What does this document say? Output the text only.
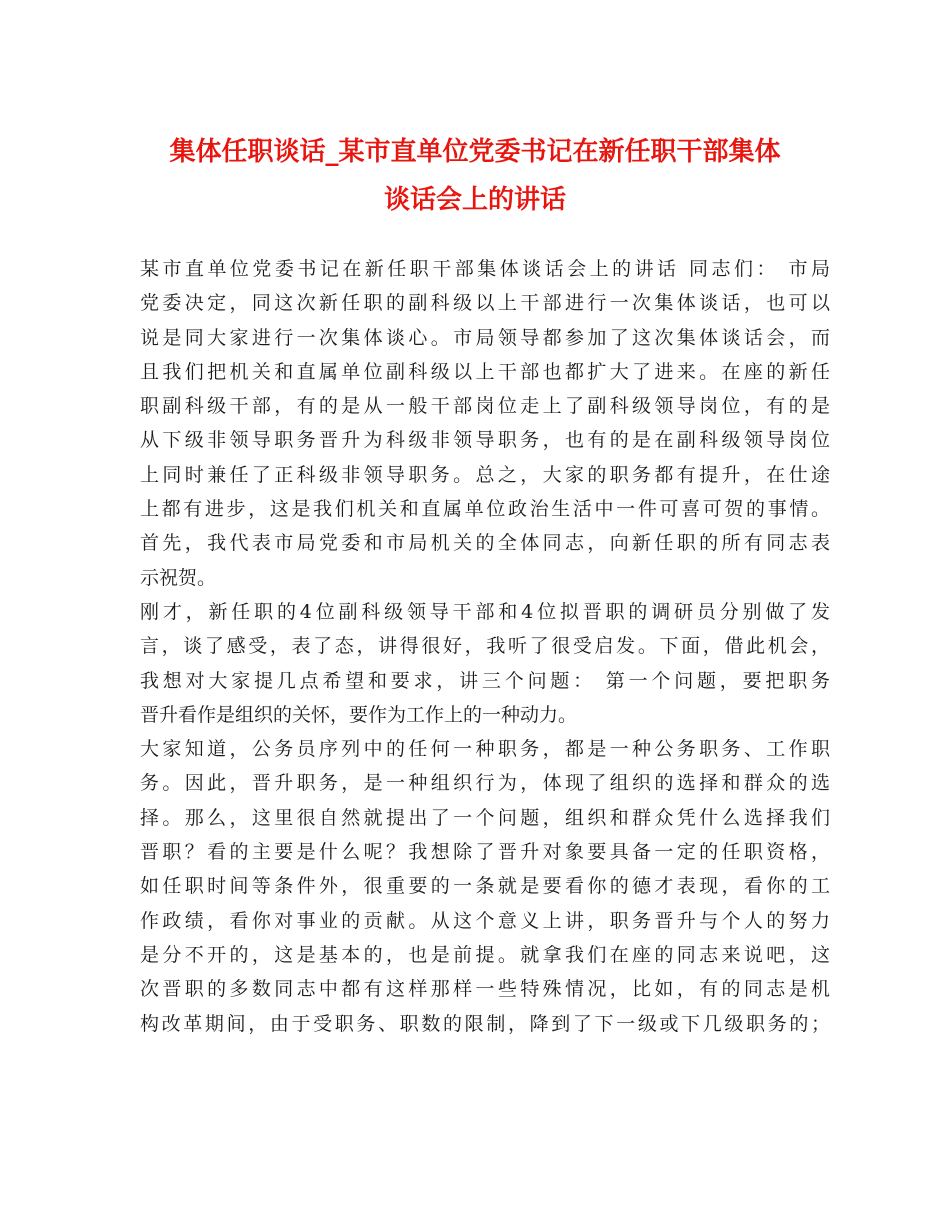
集体任职谈话_某市直单位党委书记在新任职干部集体
谈话会上的讲话
某市直单位党委书记在新任职干部集体谈话会上的讲话 同志们： 市局
党委决定，同这次新任职的副科级以上干部进行一次集体谈话，也可以
说是同大家进行一次集体谈心。市局领导都参加了这次集体谈话会，而
且我们把机关和直属单位副科级以上干部也都扩大了进来。在座的新任
职副科级干部，有的是从一般干部岗位走上了副科级领导岗位，有的是
从下级非领导职务晋升为科级非领导职务，也有的是在副科级领导岗位
上同时兼任了正科级非领导职务。总之，大家的职务都有提升，在仕途
上都有进步，这是我们机关和直属单位政治生活中一件可喜可贺的事情。
首先，我代表市局党委和市局机关的全体同志，向新任职的所有同志表
示祝贺。
刚才，新任职的4位副科级领导干部和4位拟晋职的调研员分别做了发
言，谈了感受，表了态，讲得很好，我听了很受启发。下面，借此机会，
我想对大家提几点希望和要求，讲三个问题： 第一个问题，要把职务
晋升看作是组织的关怀，要作为工作上的一种动力。
大家知道，公务员序列中的任何一种职务，都是一种公务职务、工作职
务。因此，晋升职务，是一种组织行为，体现了组织的选择和群众的选
择。那么，这里很自然就提出了一个问题，组织和群众凭什么选择我们
晋职？看的主要是什么呢？我想除了晋升对象要具备一定的任职资格，
如任职时间等条件外，很重要的一条就是要看你的德才表现，看你的工
作政绩，看你对事业的贡献。从这个意义上讲，职务晋升与个人的努力
是分不开的，这是基本的，也是前提。就拿我们在座的同志来说吧，这
次晋职的多数同志中都有这样那样一些特殊情况，比如，有的同志是机
构改革期间，由于受职务、职数的限制，降到了下一级或下几级职务的；
